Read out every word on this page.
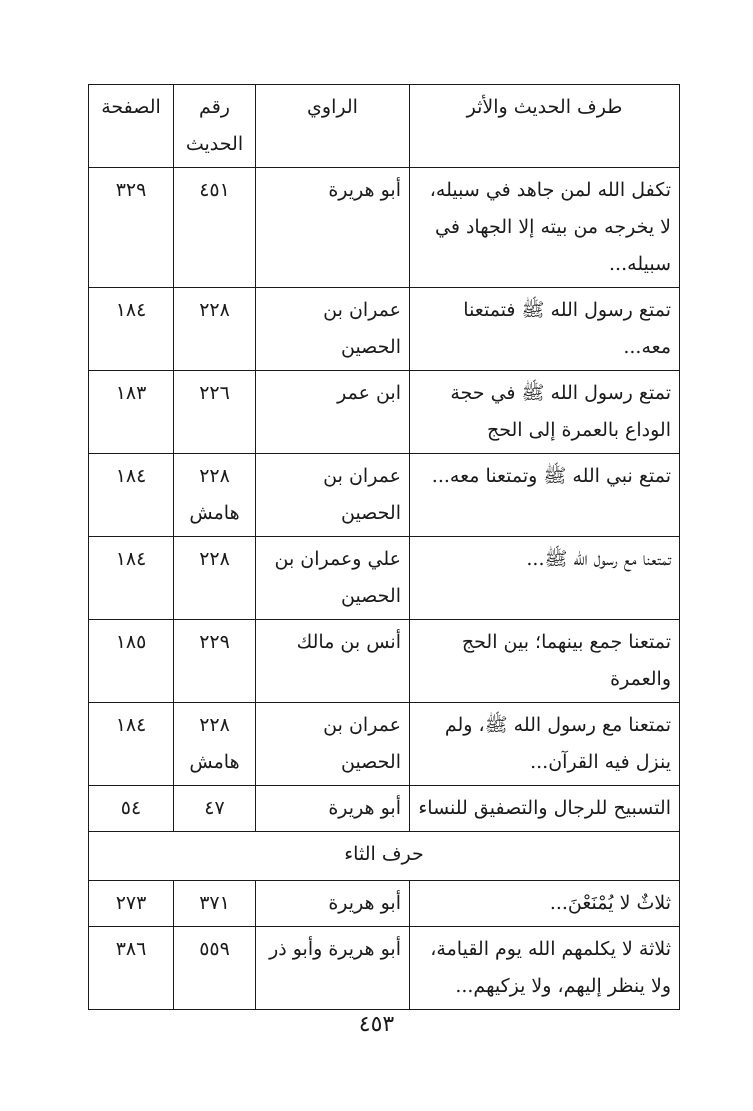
طرف الحديث والأثر	الراوي	رقم الحديث	الصفحة
تكفل الله لمن جاهد في سبيله، لا يخرجه من بيته إلا الجهاد في سبيله...	أبو هريرة	٤٥١	٣٢٩
تمتع رسول الله ﷺ فتمتعنا معه...	عمران بن الحصين	٢٢٨	١٨٤
تمتع رسول الله ﷺ في حجة الوداع بالعمرة إلى الحج	ابن عمر	٢٢٦	١٨٣
تمتع نبي الله ﷺ وتمتعنا معه...	عمران بن الحصين	٢٢٨ هامش	١٨٤
تمتعنا مع رسول الله ﷺ...	علي وعمران بن الحصين	٢٢٨	١٨٤
تمتعنا جمع بينهما؛ بين الحج والعمرة	أنس بن مالك	٢٢٩	١٨٥
تمتعنا مع رسول الله ﷺ، ولم ينزل فيه القرآن...	عمران بن الحصين	٢٢٨ هامش	١٨٤
التسبيح للرجال والتصفيق للنساء	أبو هريرة	٤٧	٥٤
حرف الثاء			
ثلاثٌ لا يُمْنَعْنَ...	أبو هريرة	٣٧١	٢٧٣
ثلاثة لا يكلمهم الله يوم القيامة، ولا ينظر إليهم، ولا يزكيهم...	أبو هريرة وأبو ذر	٥٥٩	٣٨٦
٤٥٣
